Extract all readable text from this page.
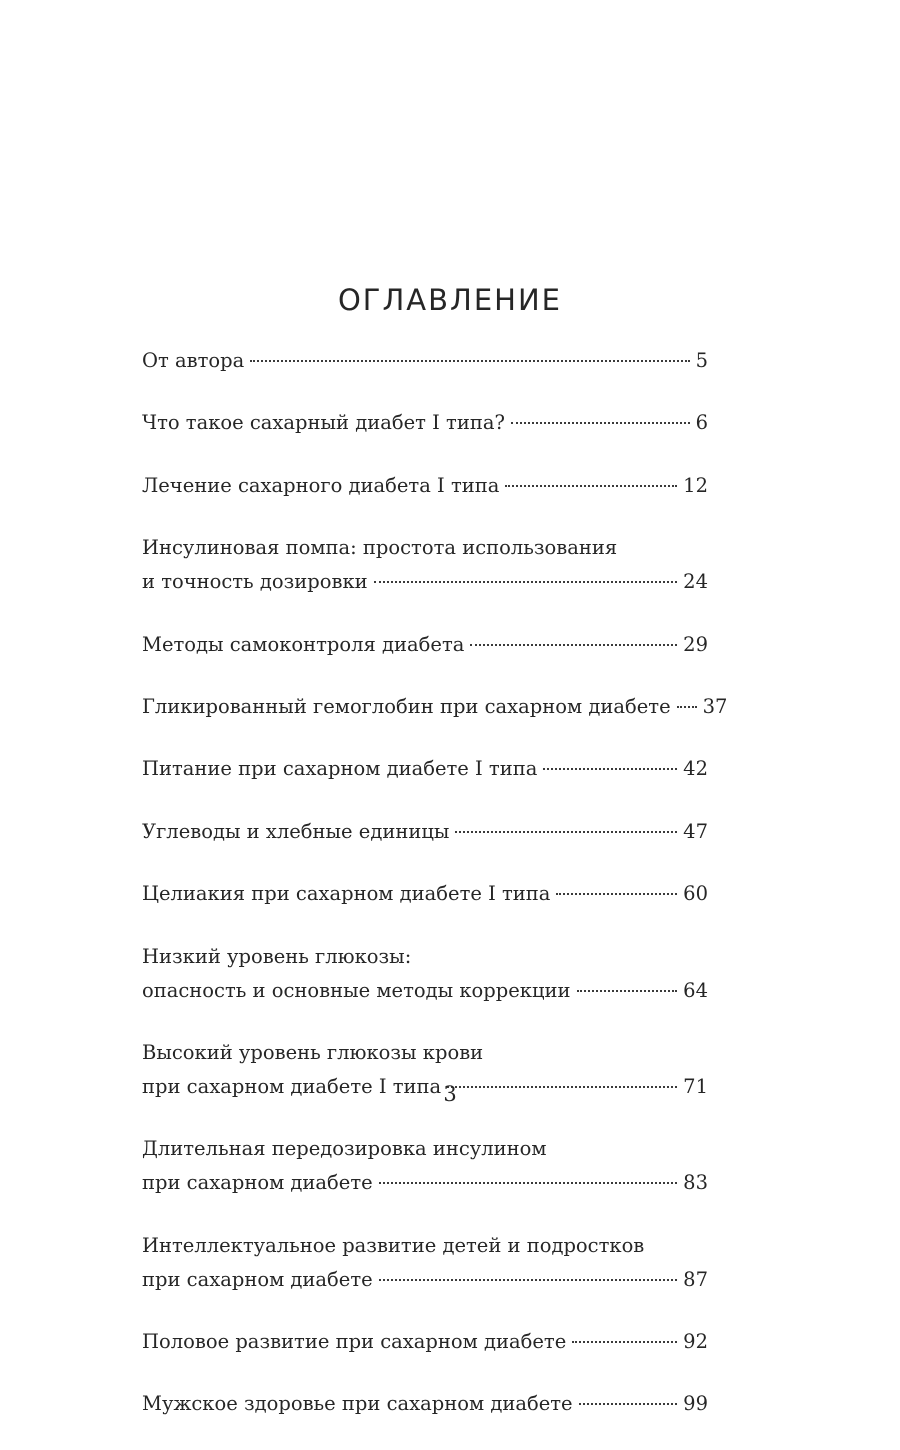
ОГЛАВЛЕНИЕ
От автора	5
Что такое сахарный диабет I типа?	6
Лечение сахарного диабета I типа	12
Инсулиновая помпа: простота использования
и точность дозировки	24
Методы самоконтроля диабета	29
Гликированный гемоглобин при сахарном диабете 37
Питание при сахарном диабете I типа	42
Углеводы и хлебные единицы	47
Целиакия при сахарном диабете I типа	60
Низкий уровень глюкозы:
опасность и основные методы коррекции	64
Высокий уровень глюкозы крови
при сахарном диабете I типа	71
Длительная передозировка инсулином
при сахарном диабете	83
Интеллектуальное развитие детей и подростков
при сахарном диабете	87
Половое развитие при сахарном диабете	92
Мужское здоровье при сахарном диабете	99
3
